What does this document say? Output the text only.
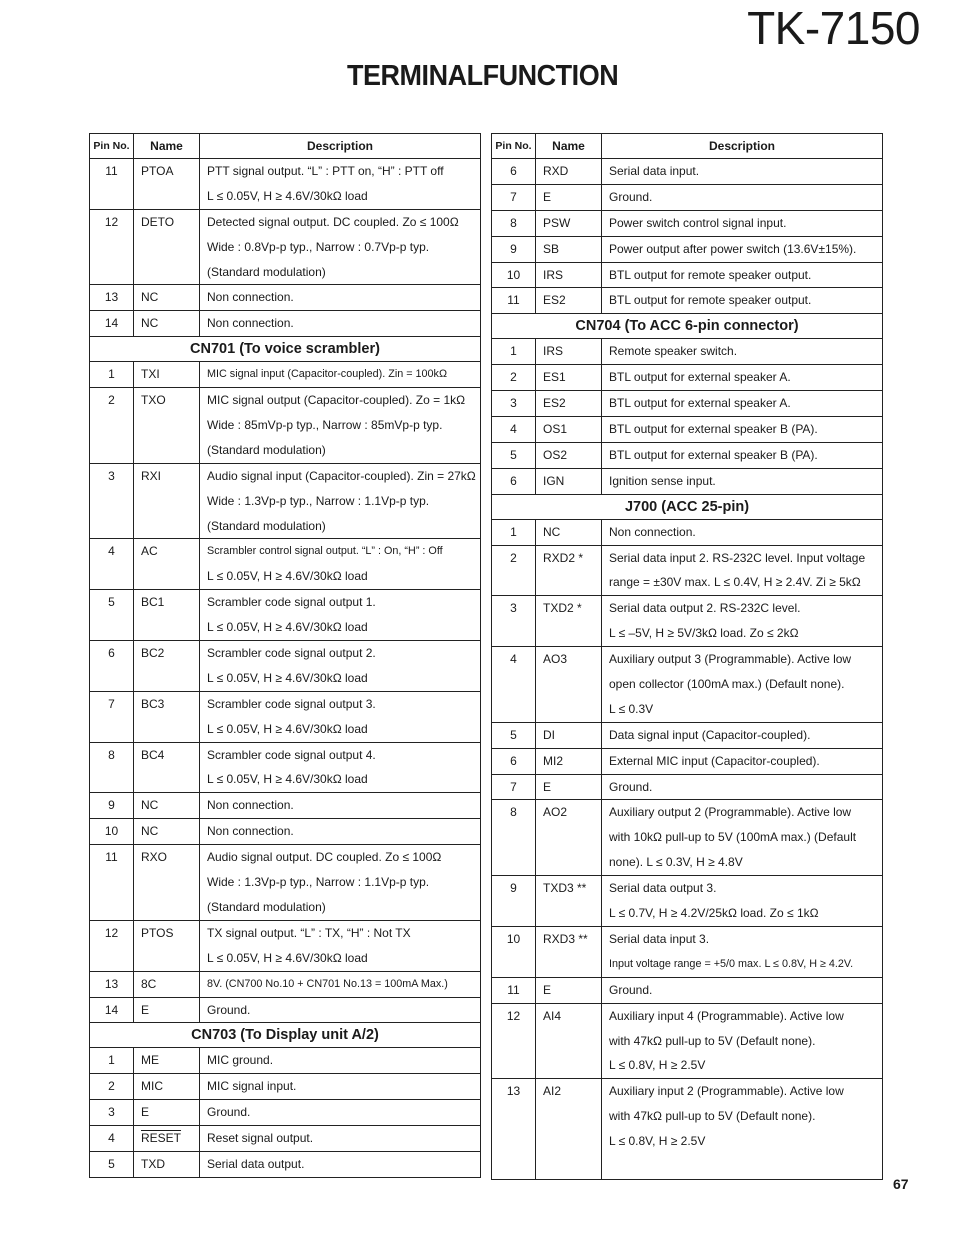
TK-7150
TERMINALFUNCTION
Pin No.	Name	Description

11	PTOA	PTT signal output. “L” : PTT on, “H” : PTT off
L ≤ 0.05V, H ≥ 4.6V/30kΩ load

12	DETO	Detected signal output. DC coupled. Zo ≤ 100Ω
Wide : 0.8Vp-p typ., Narrow : 0.7Vp-p typ.
(Standard modulation)

13	NC	Non connection.

14	NC	Non connection.

CN701 (To voice scrambler)		

1	TXI	MIC signal input (Capacitor-coupled). Zin = 100kΩ

2	TXO	MIC signal output (Capacitor-coupled). Zo = 1kΩ
Wide : 85mVp-p typ., Narrow : 85mVp-p typ.
(Standard modulation)

3	RXI	Audio signal input (Capacitor-coupled). Zin = 27kΩ
Wide : 1.3Vp-p typ., Narrow : 1.1Vp-p typ.
(Standard modulation)

4	AC	Scrambler control signal output. “L” : On, “H” : Off
L ≤ 0.05V, H ≥ 4.6V/30kΩ load

5	BC1	Scrambler code signal output 1.
L ≤ 0.05V, H ≥ 4.6V/30kΩ load

6	BC2	Scrambler code signal output 2.
L ≤ 0.05V, H ≥ 4.6V/30kΩ load

7	BC3	Scrambler code signal output 3.
L ≤ 0.05V, H ≥ 4.6V/30kΩ load

8	BC4	Scrambler code signal output 4.
L ≤ 0.05V, H ≥ 4.6V/30kΩ load

9	NC	Non connection.

10	NC	Non connection.

11	RXO	Audio signal output. DC coupled. Zo ≤ 100Ω
Wide : 1.3Vp-p typ., Narrow : 1.1Vp-p typ.
(Standard modulation)

12	PTOS	TX signal output. “L” : TX, “H” : Not TX
L ≤ 0.05V, H ≥ 4.6V/30kΩ load

13	8C	8V. (CN700 No.10 + CN701 No.13 = 100mA Max.)

14	E	Ground.

CN703 (To Display unit A/2)		

1	ME	MIC ground.

2	MIC	MIC signal input.

3	E	Ground.

4	RESET	Reset signal output.

5	TXD	Serial data output.
Pin No.	Name	Description

6	RXD	Serial data input.

7	E	Ground.

8	PSW	Power switch control signal input.

9	SB	Power output after power switch (13.6V±15%).

10	IRS	BTL output for remote speaker output.

11	ES2	BTL output for remote speaker output.

CN704 (To ACC 6-pin connector)		

1	IRS	Remote speaker switch.

2	ES1	BTL output for external speaker A.

3	ES2	BTL output for external speaker A.

4	OS1	BTL output for external speaker B (PA).

5	OS2	BTL output for external speaker B (PA).

6	IGN	Ignition sense input.

J700 (ACC 25-pin)		

1	NC	Non connection.

2	RXD2 *	Serial data input 2. RS-232C level. Input voltage
range = ±30V max. L ≤ 0.4V, H ≥ 2.4V. Zi ≥ 5kΩ

3	TXD2 *	Serial data output 2. RS-232C level.
L ≤ –5V, H ≥ 5V/3kΩ load. Zo ≤ 2kΩ

4	AO3	Auxiliary output 3 (Programmable). Active low
open collector (100mA max.) (Default none).
L ≤ 0.3V

5	DI	Data signal input (Capacitor-coupled).

6	MI2	External MIC input (Capacitor-coupled).

7	E	Ground.

8	AO2	Auxiliary output 2 (Programmable). Active low
with 10kΩ pull-up to 5V (100mA max.) (Default
none). L ≤ 0.3V, H ≥ 4.8V

9	TXD3 **	Serial data output 3.
L ≤ 0.7V, H ≥ 4.2V/25kΩ load. Zo ≤ 1kΩ

10	RXD3 **	Serial data input 3.
Input voltage range = +5/0 max. L ≤ 0.8V, H ≥ 4.2V.

11	E	Ground.

12	AI4	Auxiliary input 4 (Programmable). Active low
with 47kΩ pull-up to 5V (Default none).
L ≤ 0.8V, H ≥ 2.5V

13	AI2	Auxiliary input 2 (Programmable). Active low
with 47kΩ pull-up to 5V (Default none).
L ≤ 0.8V, H ≥ 2.5V
67
